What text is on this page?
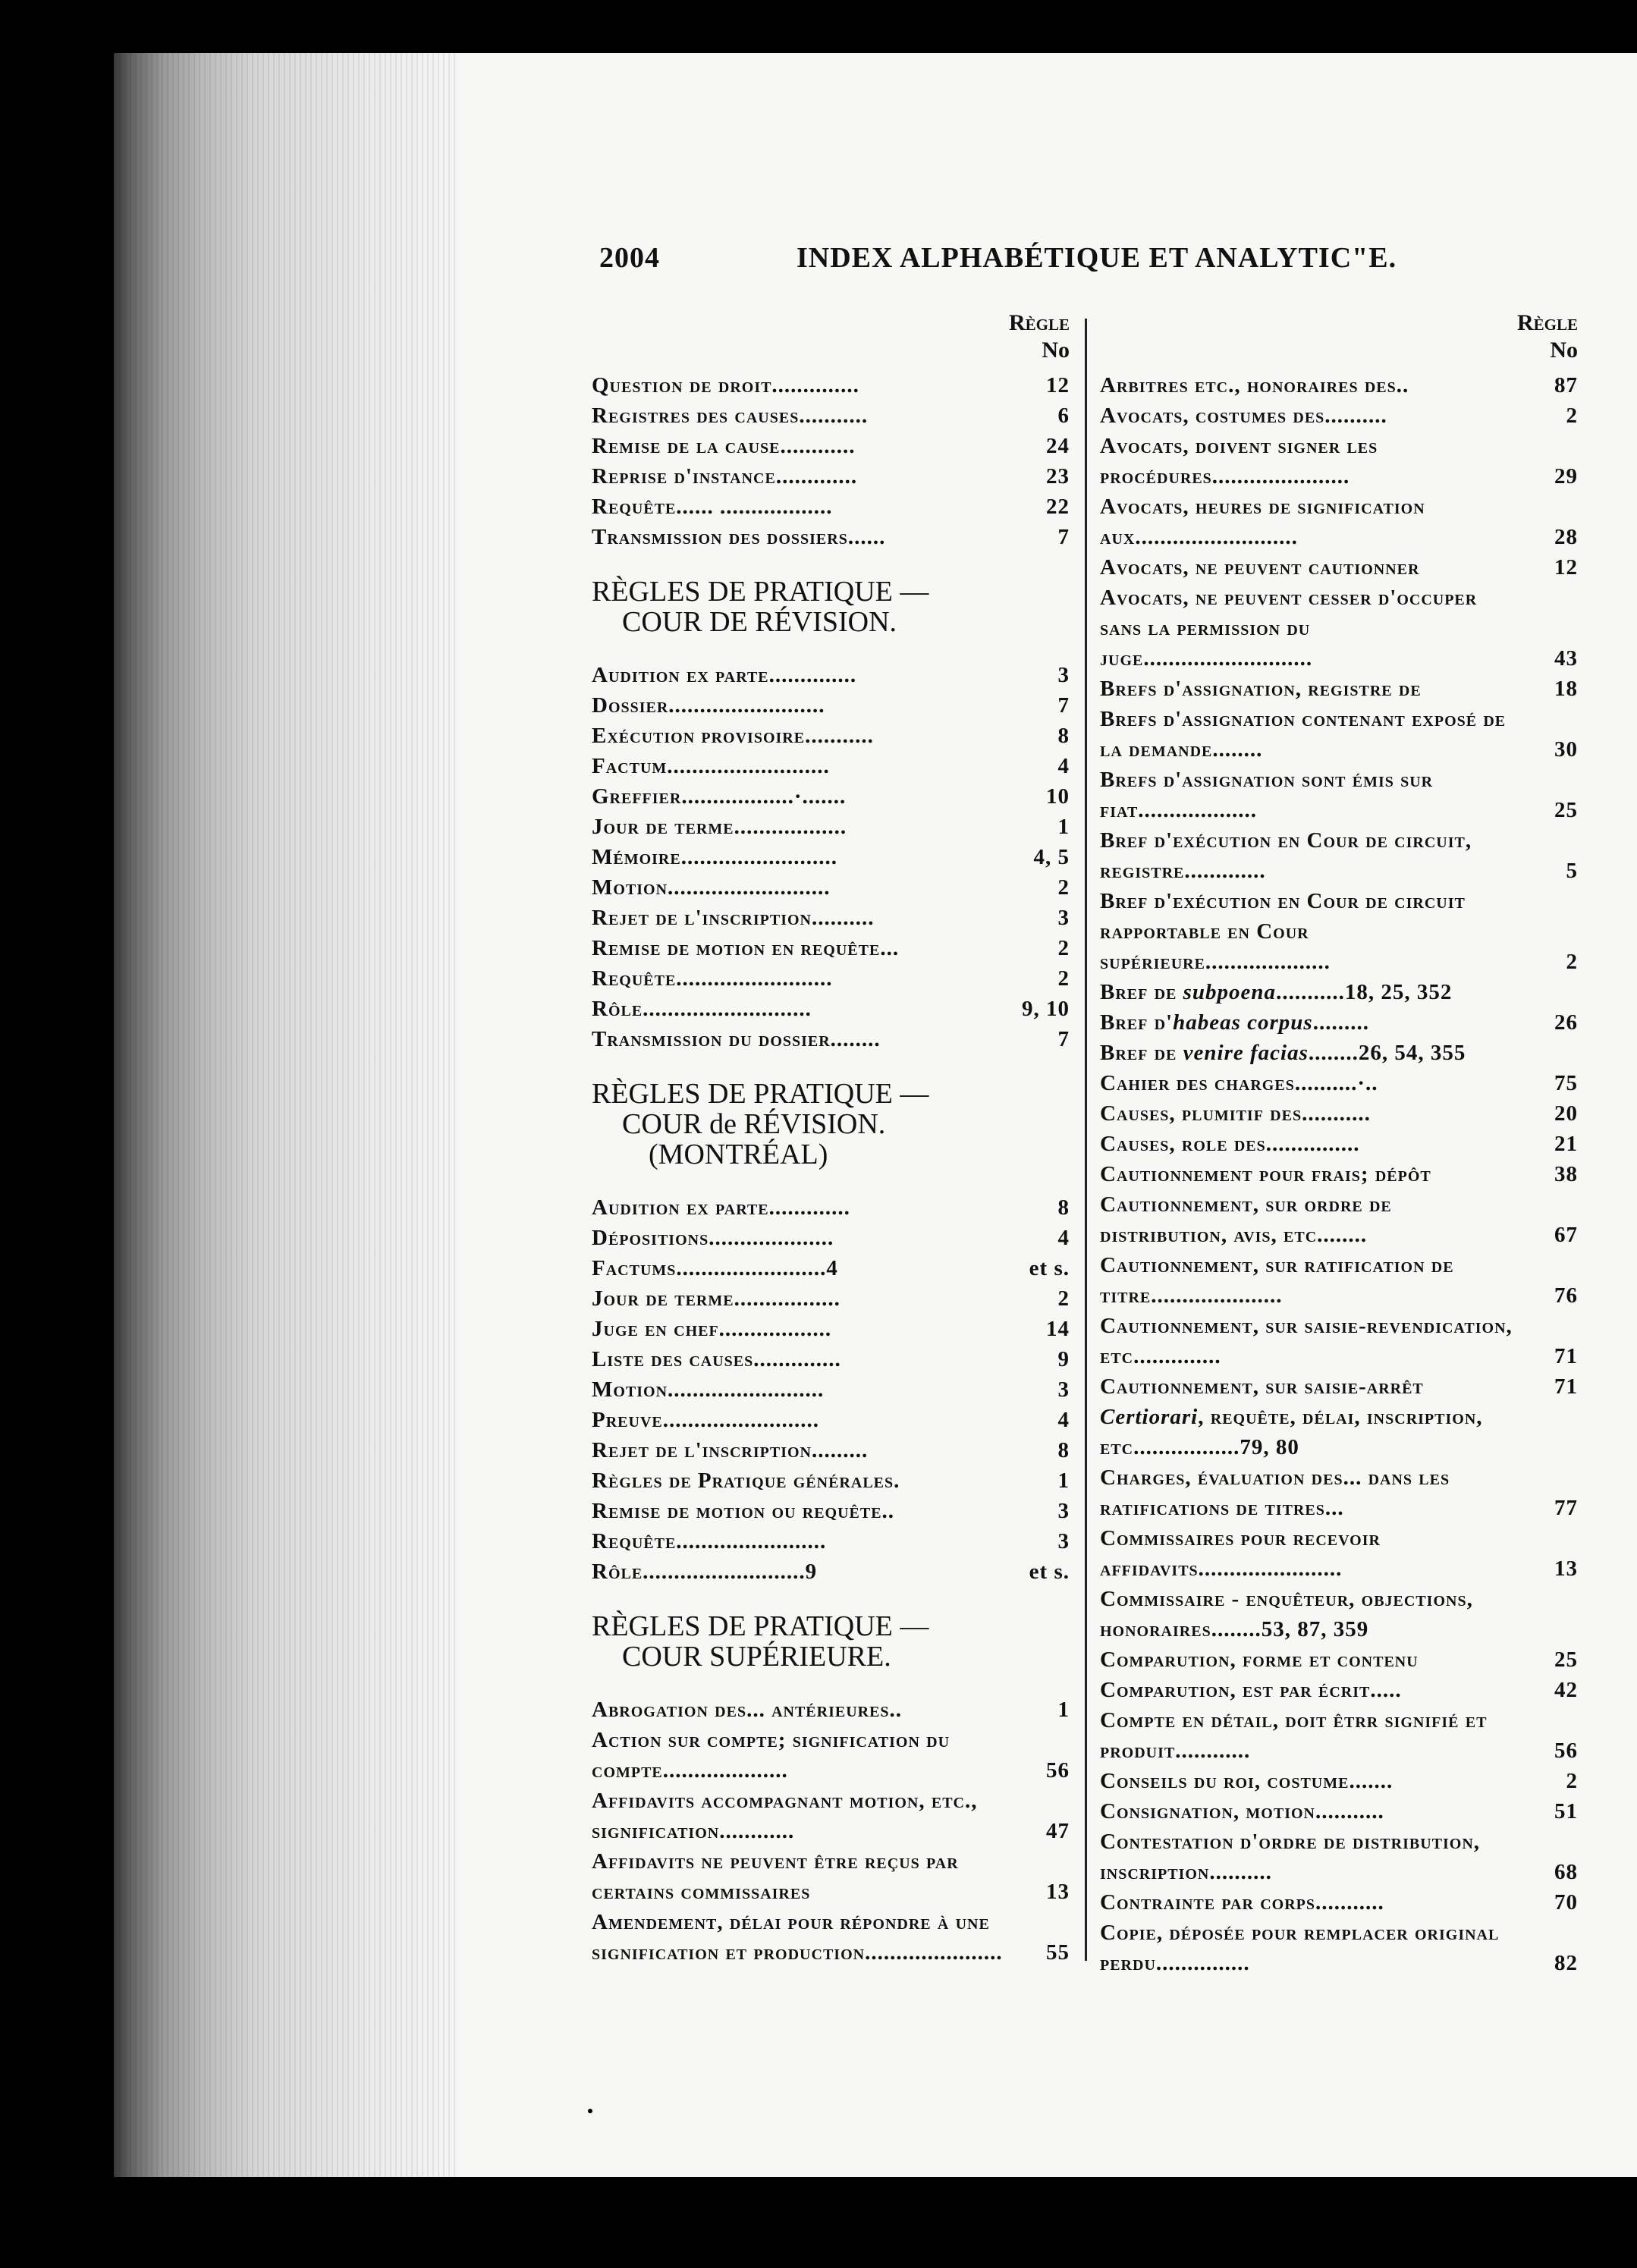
2004	INDEX ALPHABÉTIQUE ET ANALYTIC"E.
Règle
No
Question de droit..............	12
Registres des causes...........	6
Remise de la cause............	24
Reprise d'instance.............	23
Requête...... ..................	22
Transmission des dossiers......	7
RÈGLES DE PRATIQUE —
COUR DE RÉVISION.
Audition ex parte..............	3
Dossier.........................	7
Exécution provisoire...........	8
Factum..........................	4
Greffier..................·.......	10
Jour de terme..................	1
Mémoire.........................	4, 5
Motion..........................	2
Rejet de l'inscription..........	3
Remise de motion en requête...	2
Requête.........................	2
Rôle...........................	9, 10
Transmission du dossier........	7
RÈGLES DE PRATIQUE —
COUR de RÉVISION.
(MONTRÉAL)
Audition ex parte.............	8
Dépositions....................	4
Factums........................4	et s.
Jour de terme.................	2
Juge en chef..................	14
Liste des causes..............	9
Motion.........................	3
Preuve.........................	4
Rejet de l'inscription.........	8
Règles de Pratique générales.	1
Remise de motion ou requête..	3
Requête........................	3
Rôle..........................9	et s.
RÈGLES DE PRATIQUE —
COUR SUPÉRIEURE.
Abrogation des... antérieures..	1
Action sur compte; signification du compte....................	56
Affidavits accompagnant motion, etc., signification............	47
Affidavits ne peuvent être reçus par certains commissaires	13
Amendement, délai pour répondre à une signification et production......................	55
Règle
No
Arbitres etc., honoraires des..	87
Avocats, costumes des..........	2
Avocats, doivent signer les procédures......................	29
Avocats, heures de signification aux..........................	28
Avocats, ne peuvent cautionner	12
Avocats, ne peuvent cesser d'occuper sans la permission du juge...........................	43
Brefs d'assignation, registre de	18
Brefs d'assignation contenant exposé de la demande........	30
Brefs d'assignation sont émis sur fiat...................	25
Bref d'exécution en Cour de circuit, registre.............	5
Bref d'exécution en Cour de circuit rapportable en Cour supérieure....................	2
Bref de subpoena...........18, 25, 352
Bref d'habeas corpus.........	26
Bref de venire facias........26, 54, 355
Cahier des charges..........·..	75
Causes, plumitif des...........	20
Causes, role des...............	21
Cautionnement pour frais; dépôt	38
Cautionnement, sur ordre de distribution, avis, etc........	67
Cautionnement, sur ratification de titre.....................	76
Cautionnement, sur saisie-revendication, etc..............	71
Cautionnement, sur saisie-arrêt	71
Certiorari, requête, délai, inscription, etc.................79, 80
Charges, évaluation des... dans les ratifications de titres...	77
Commissaires pour recevoir affidavits.......................	13
Commissaire - enquêteur, objections, honoraires........53, 87, 359
Comparution, forme et contenu	25
Comparution, est par écrit.....	42
Compte en détail, doit êtrr signifié et produit............	56
Conseils du roi, costume.......	2
Consignation, motion...........	51
Contestation d'ordre de distribution, inscription..........	68
Contrainte par corps...........	70
Copie, déposée pour remplacer original perdu...............	82
